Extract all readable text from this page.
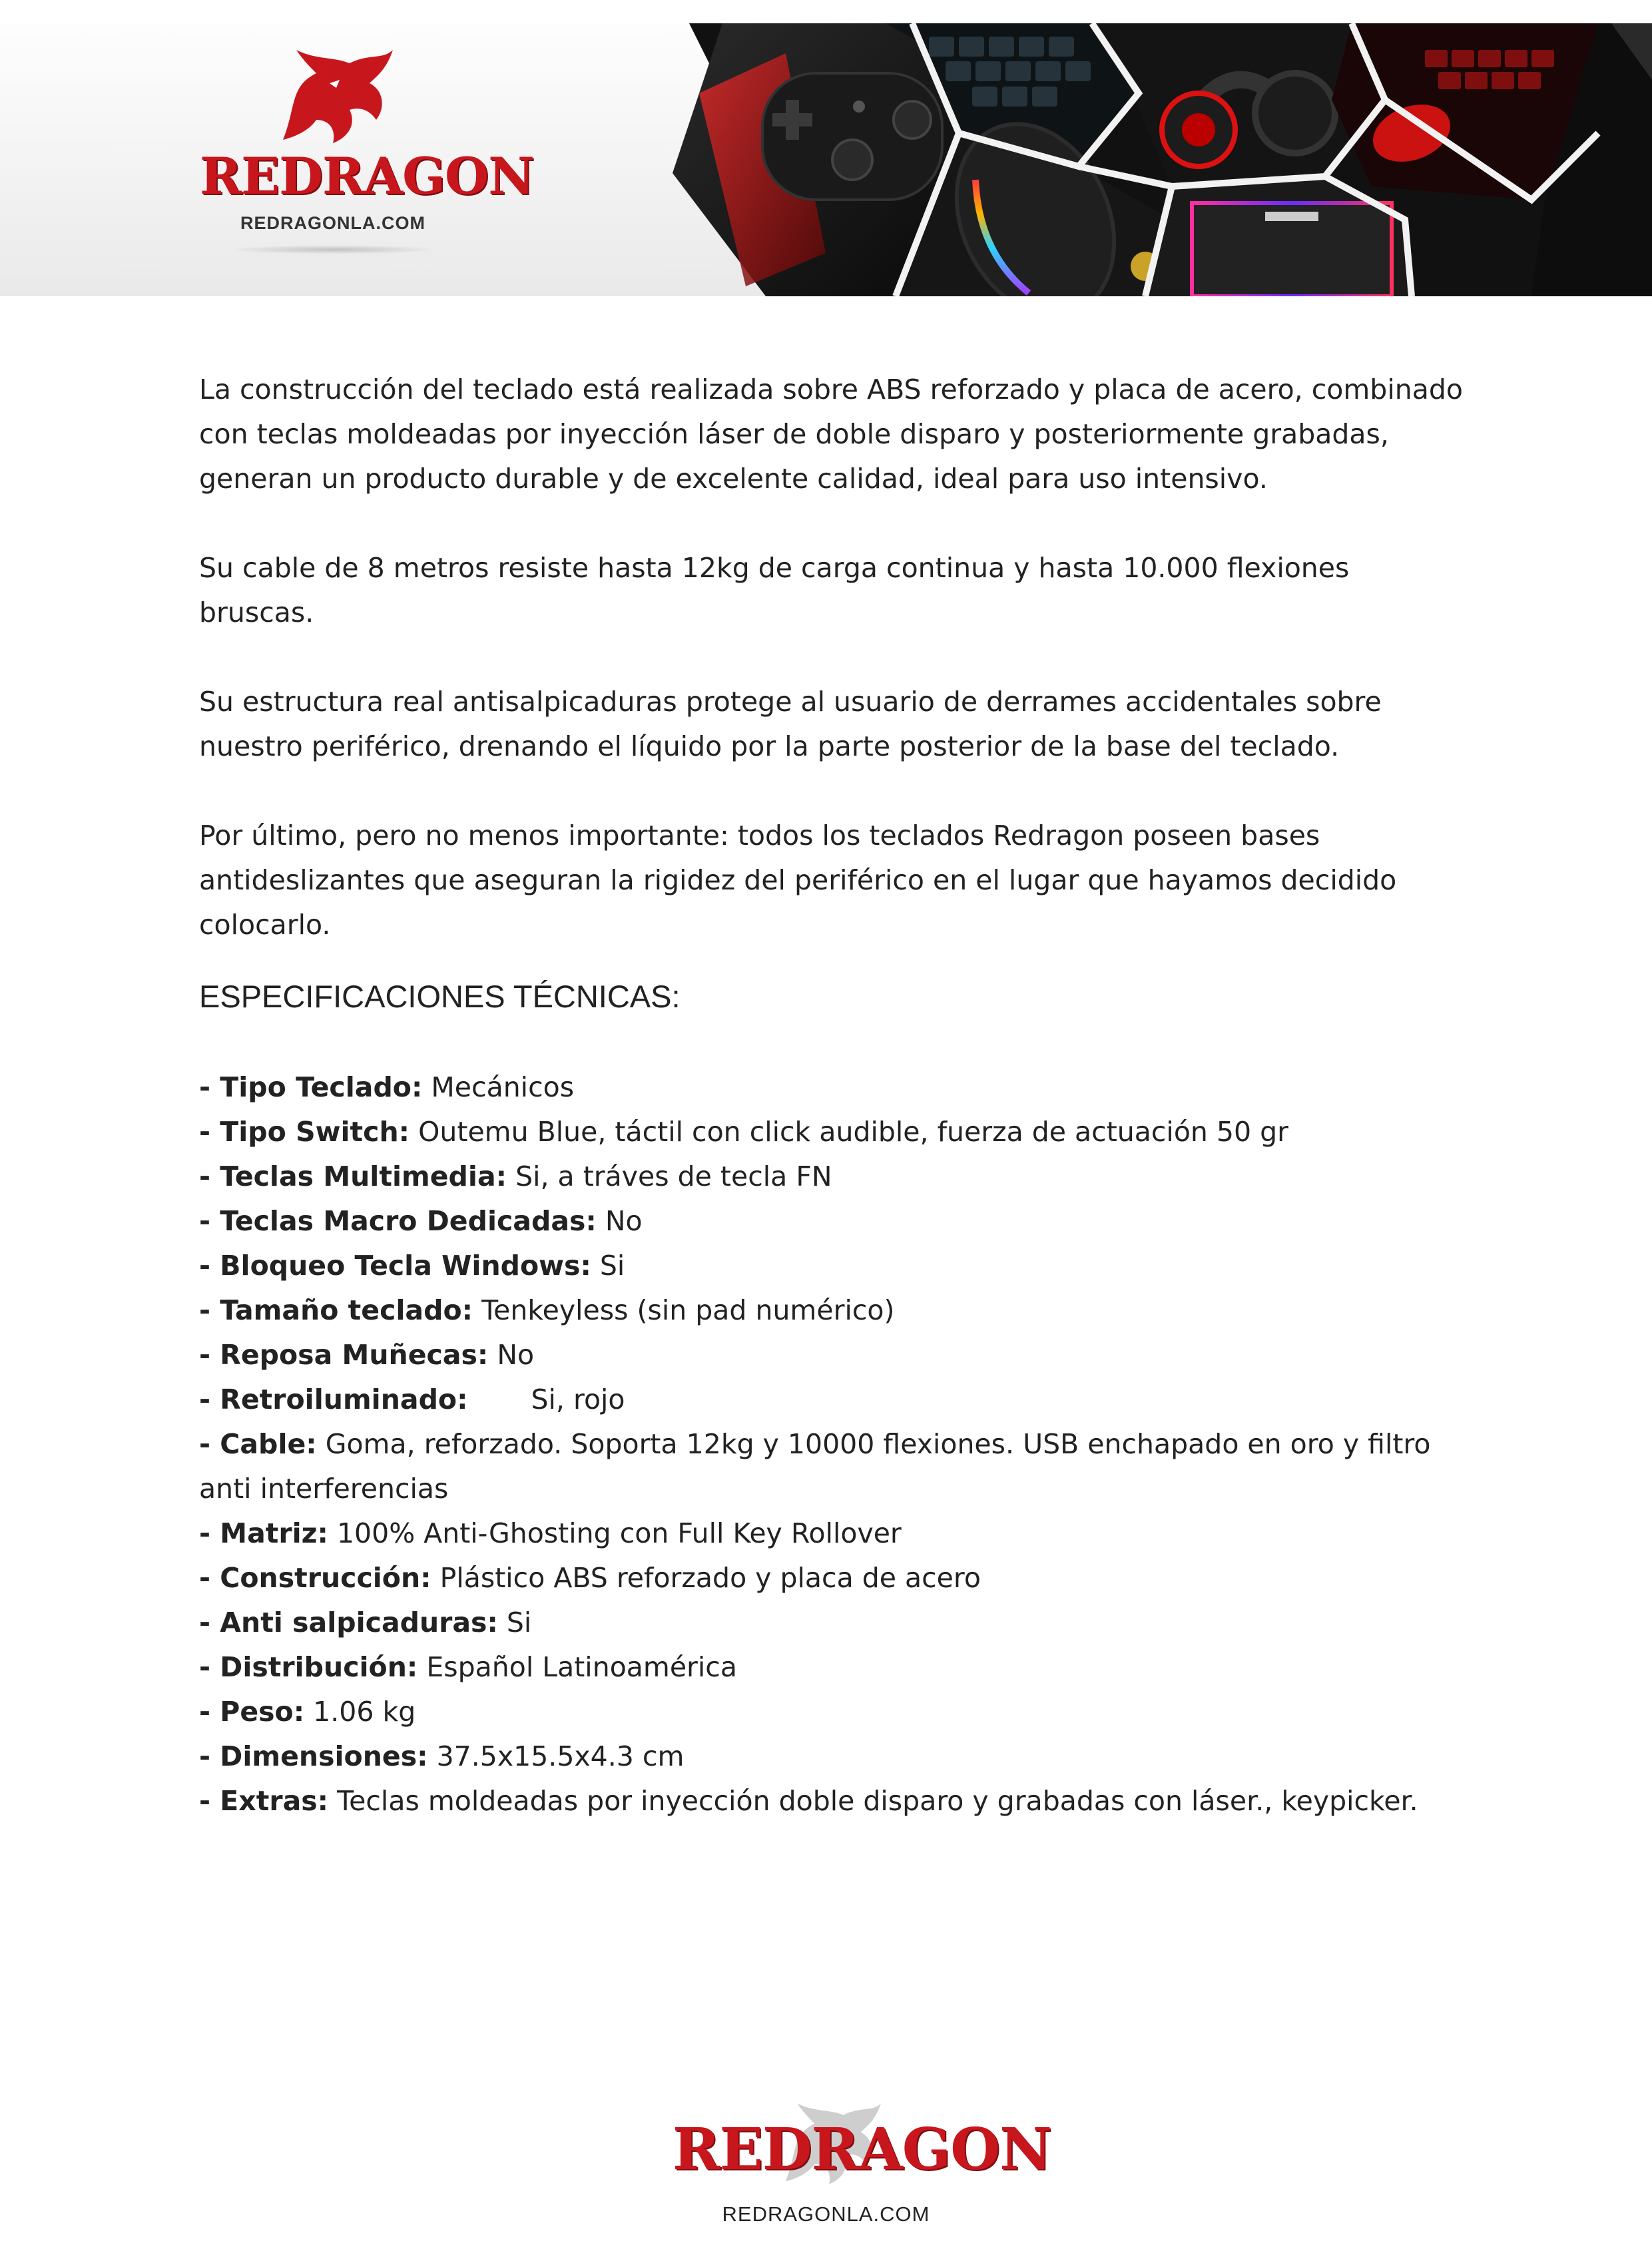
REDRAGON
REDRAGONLA.COM

La construcción del teclado está realizada sobre ABS reforzado y placa de acero, combinado con teclas moldeadas por inyección láser de doble disparo y posteriormente grabadas, generan un producto durable y de excelente calidad, ideal para uso intensivo.

Su cable de 8 metros resiste hasta 12kg de carga continua y hasta 10.000 flexiones bruscas.

Su estructura real antisalpicaduras protege al usuario de derrames accidentales sobre nuestro periférico, drenando el líquido por la parte posterior de la base del teclado.

Por último, pero no menos importante: todos los teclados Redragon poseen bases antideslizantes que aseguran la rigidez del periférico en el lugar que hayamos decidido colocarlo.

ESPECIFICACIONES TÉCNICAS:
- Tipo Teclado: Mecánicos
- Tipo Switch: Outemu Blue, táctil con click audible, fuerza de actuación 50 gr
- Teclas Multimedia: Si, a tráves de tecla FN
- Teclas Macro Dedicadas: No
- Bloqueo Tecla Windows: Si
- Tamaño teclado: Tenkeyless (sin pad numérico)
- Reposa Muñecas: No
- Retroiluminado: Si, rojo
- Cable: Goma, reforzado. Soporta 12kg y 10000 flexiones. USB enchapado en oro y filtro anti interferencias
- Matriz: 100% Anti-Ghosting con Full Key Rollover
- Construcción: Plástico ABS reforzado y placa de acero
- Anti salpicaduras: Si
- Distribución: Español Latinoamérica
- Peso: 1.06 kg
- Dimensiones: 37.5x15.5x4.3 cm
- Extras: Teclas moldeadas por inyección doble disparo y grabadas con láser., keypicker.
REDRAGON
REDRAGONLA.COM
